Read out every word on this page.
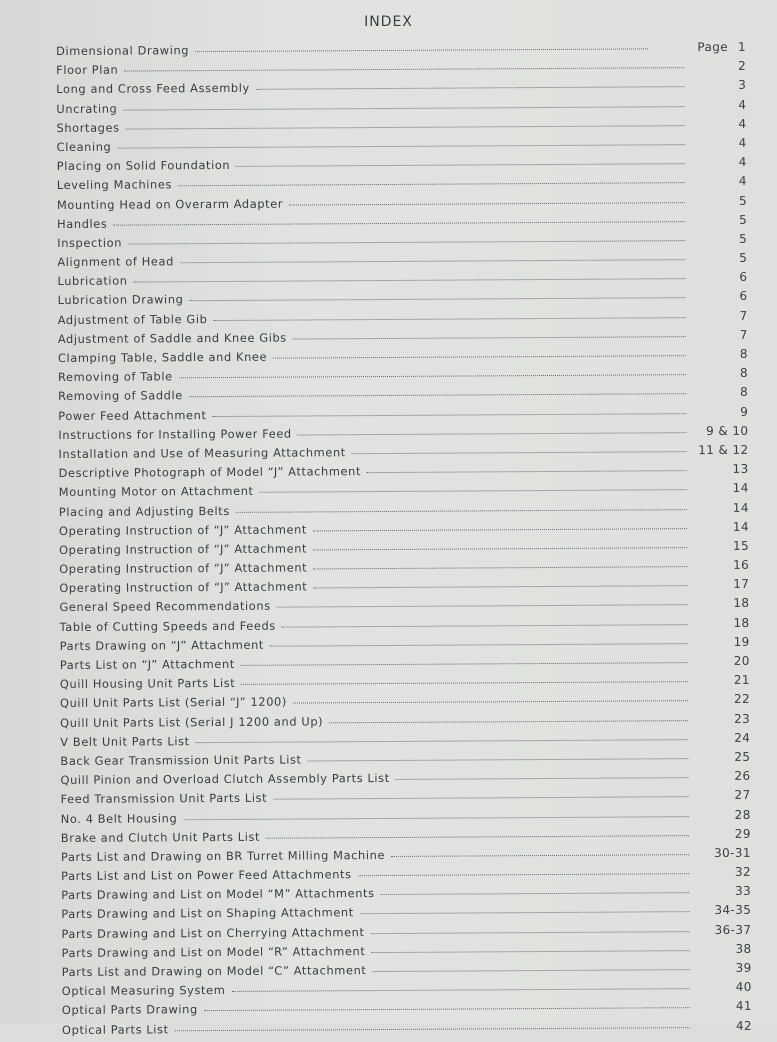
INDEX
Dimensional Drawing	Page 1
Floor Plan	2
Long and Cross Feed Assembly	3
Uncrating	4
Shortages	4
Cleaning	4
Placing on Solid Foundation	4
Leveling Machines	4
Mounting Head on Overarm Adapter	5
Handles	5
Inspection	5
Alignment of Head	5
Lubrication	6
Lubrication Drawing	6
Adjustment of Table Gib	7
Adjustment of Saddle and Knee Gibs	7
Clamping Table, Saddle and Knee	8
Removing of Table	8
Removing of Saddle	8
Power Feed Attachment	9
Instructions for Installing Power Feed	9 & 10
Installation and Use of Measuring Attachment	11 & 12
Descriptive Photograph of Model “J” Attachment	13
Mounting Motor on Attachment	14
Placing and Adjusting Belts	14
Operating Instruction of “J” Attachment	14
Operating Instruction of “J” Attachment	15
Operating Instruction of “J” Attachment	16
Operating Instruction of “J” Attachment	17
General Speed Recommendations	18
Table of Cutting Speeds and Feeds	18
Parts Drawing on “J” Attachment	19
Parts List on “J” Attachment	20
Quill Housing Unit Parts List	21
Quill Unit Parts List (Serial “J” 1200)	22
Quill Unit Parts List (Serial J 1200 and Up)	23
V Belt Unit Parts List	24
Back Gear Transmission Unit Parts List	25
Quill Pinion and Overload Clutch Assembly Parts List	26
Feed Transmission Unit Parts List	27
No. 4 Belt Housing	28
Brake and Clutch Unit Parts List	29
Parts List and Drawing on BR Turret Milling Machine	30-31
Parts List and List on Power Feed Attachments	32
Parts Drawing and List on Model “M” Attachments	33
Parts Drawing and List on Shaping Attachment	34-35
Parts Drawing and List on Cherrying Attachment	36-37
Parts Drawing and List on Model “R” Attachment	38
Parts List and Drawing on Model “C” Attachment	39
Optical Measuring System	40
Optical Parts Drawing	41
Optical Parts List	42
